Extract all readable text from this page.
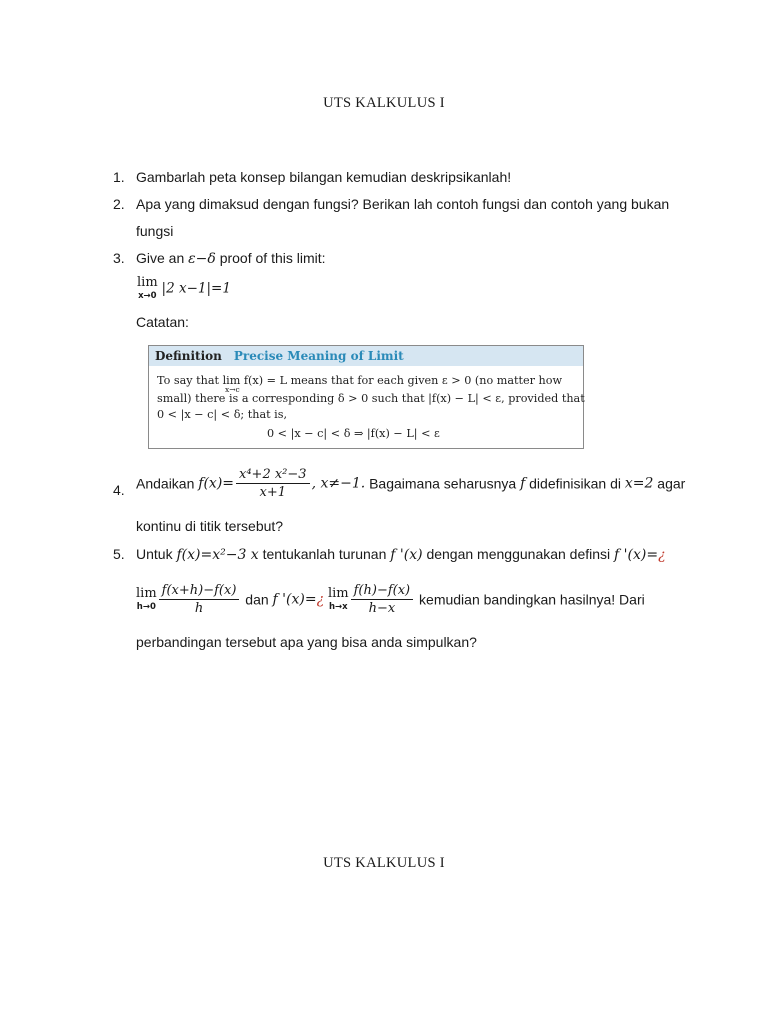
UTS KALKULUS I
1. Gambarlah peta konsep bilangan kemudian deskripsikanlah!
2. Apa yang dimaksud dengan fungsi? Berikan lah contoh fungsi dan contoh yang bukan
fungsi
3. Give an ε−δ proof of this limit:
lim
x→0 |2 x−1|=1
Catatan:
Definition Precise Meaning of Limit
To say that lim f(x) = L means that for each given ε > 0 (no matter how
x→c
small) there is a corresponding δ > 0 such that |f(x) − L| < ε, provided that
0 < |x − c| < δ; that is,
0 < |x − c| < δ ⇒ |f(x) − L| < ε
4. Andaikan $f(x)= \frac{\text{x⁴+2 x²−3}}{x+1}$ , x≠−1. Bagaimana seharusnya f didefinisikan di x=2 agar
kontinu di titik tersebut?
5. Untuk f(x)=x²−3 x tentukanlah turunan f '(x) dengan menggunakan definsi f '(x)=¿
lim
$h\to 0 \frac{f(x+h)-f(x)}{h}$ dan f '(x)=¿ lim
$h\to x \frac{f(h)-f(x)}{h-x}$ kemudian bandingkan hasilnya! Dari
perbandingan tersebut apa yang bisa anda simpulkan?
UTS KALKULUS I
